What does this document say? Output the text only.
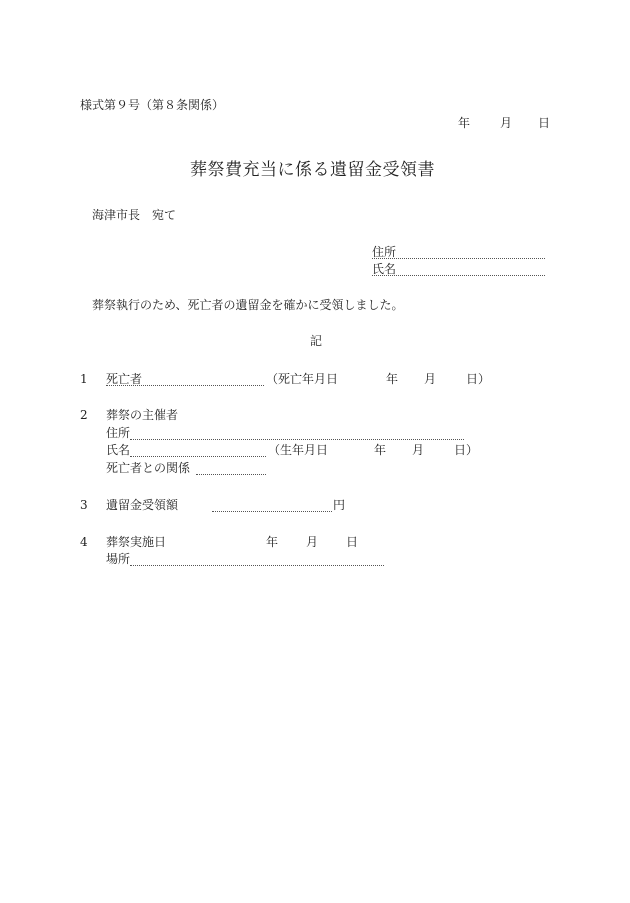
様式第９号（第８条関係）
年 月 日
葬祭費充当に係る遺留金受領書
海津市長　宛て
住所
氏名
葬祭執行のため、死亡者の遺留金を確かに受領しました。
記
1 死亡者	（死亡年月日	年 月 日）
2 葬祭の主催者
住所
氏名	（生年月日	年 月 日）
死亡者との関係
3 遺留金受領額	円
4 葬祭実施日	年 月 日
場所
